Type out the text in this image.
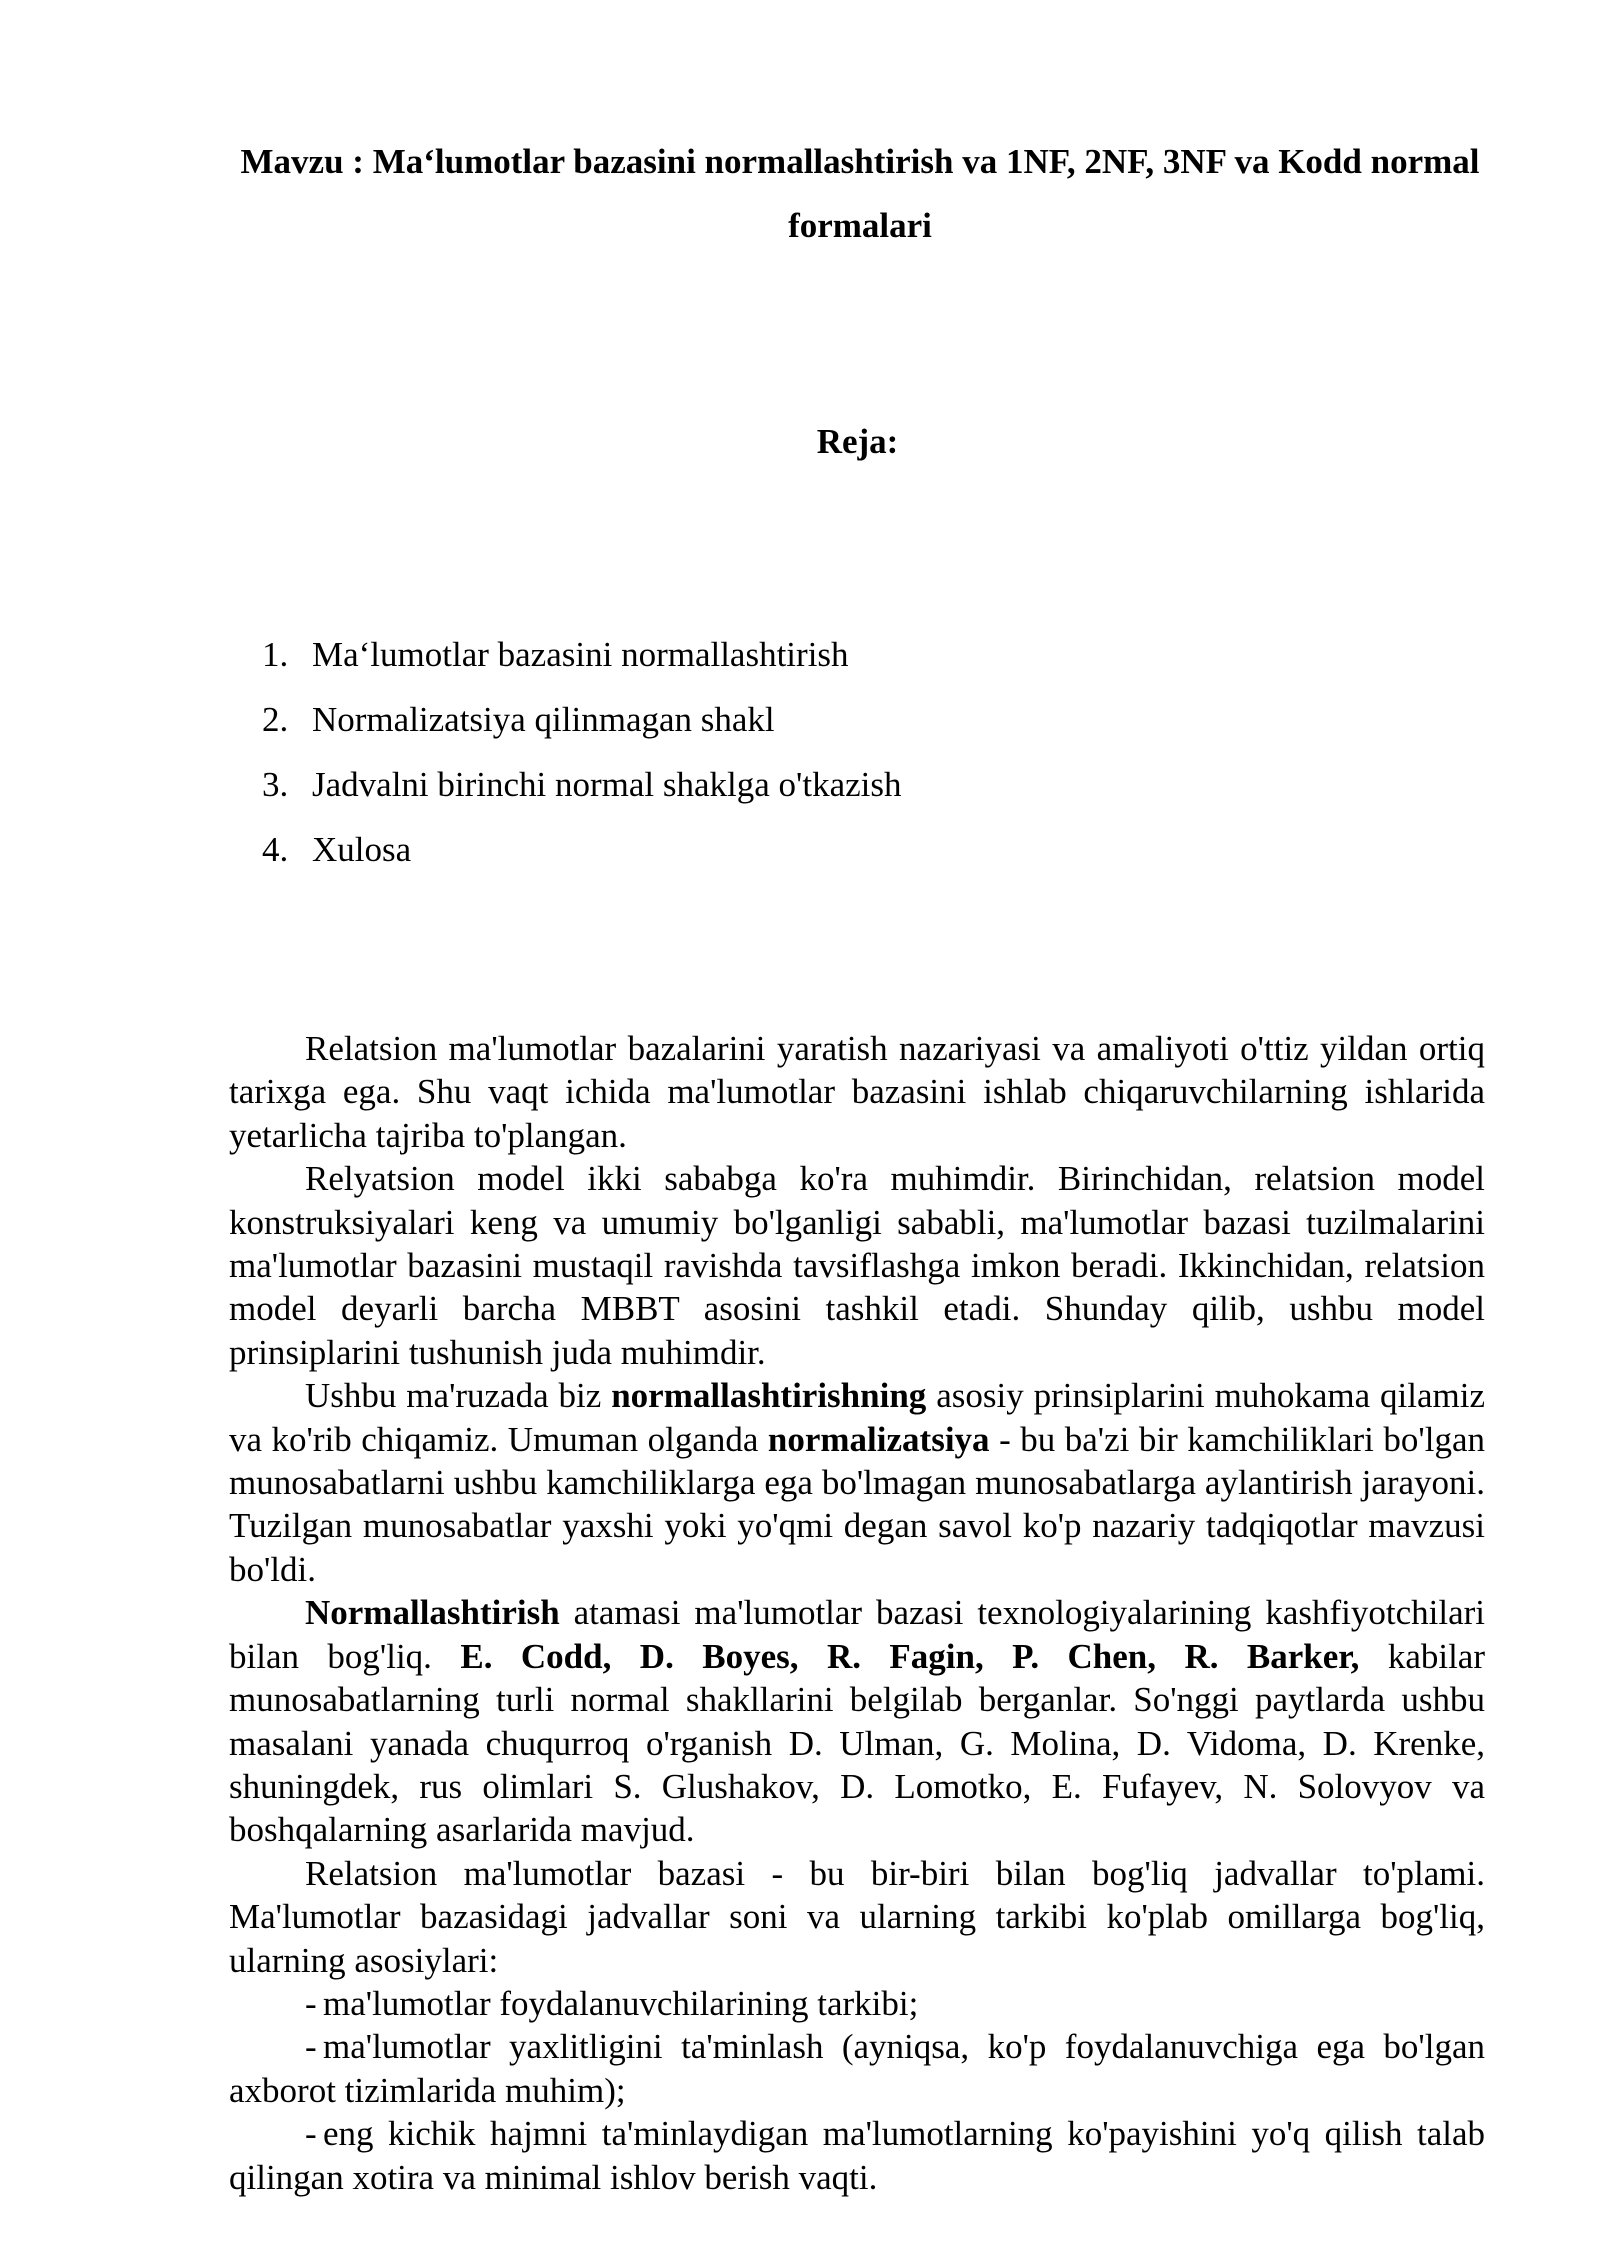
Mavzu : Maʻlumotlar bazasini normallashtirish va 1NF, 2NF, 3NF va Kodd normal formalari
Reja:
1. Maʻlumotlar bazasini normallashtirish
2. Normalizatsiya qilinmagan shakl
3. Jadvalni birinchi normal shaklga o'tkazish
4. Xulosa

Relatsion ma'lumotlar bazalarini yaratish nazariyasi va amaliyoti o'ttiz yildan ortiq tarixga ega. Shu vaqt ichida ma'lumotlar bazasini ishlab chiqaruvchilarning ishlarida yetarlicha tajriba to'plangan.

Relyatsion model ikki sababga ko'ra muhimdir. Birinchidan, relatsion model konstruksiyalari keng va umumiy bo'lganligi sababli, ma'lumotlar bazasi tuzilmalarini ma'lumotlar bazasini mustaqil ravishda tavsiflashga imkon beradi. Ikkinchidan, relatsion model deyarli barcha MBBT asosini tashkil etadi. Shunday qilib, ushbu model prinsiplarini tushunish juda muhimdir.

Ushbu ma'ruzada biz normallashtirishning asosiy prinsiplarini muhokama qilamiz va ko'rib chiqamiz. Umuman olganda normalizatsiya - bu ba'zi bir kamchiliklari bo'lgan munosabatlarni ushbu kamchiliklarga ega bo'lmagan munosabatlarga aylantirish jarayoni. Tuzilgan munosabatlar yaxshi yoki yo'qmi degan savol ko'p nazariy tadqiqotlar mavzusi bo'ldi.

Normallashtirish atamasi ma'lumotlar bazasi texnologiyalarining kashfiyotchilari bilan bog'liq. E. Codd, D. Boyes, R. Fagin, P. Chen, R. Barker, kabilar munosabatlarning turli normal shakllarini belgilab berganlar. So'nggi paytlarda ushbu masalani yanada chuqurroq o'rganish D. Ulman, G. Molina, D. Vidoma, D. Krenke, shuningdek, rus olimlari S. Glushakov, D. Lomotko, E. Fufayev, N. Solovyov va boshqalarning asarlarida mavjud.

Relatsion ma'lumotlar bazasi - bu bir-biri bilan bog'liq jadvallar to'plami. Ma'lumotlar bazasidagi jadvallar soni va ularning tarkibi ko'plab omillarga bog'liq, ularning asosiylari:

- ma'lumotlar foydalanuvchilarining tarkibi;

- ma'lumotlar yaxlitligini ta'minlash (ayniqsa, ko'p foydalanuvchiga ega bo'lgan axborot tizimlarida muhim);

- eng kichik hajmni ta'minlaydigan ma'lumotlarning ko'payishini yo'q qilish talab qilingan xotira va minimal ishlov berish vaqti.
